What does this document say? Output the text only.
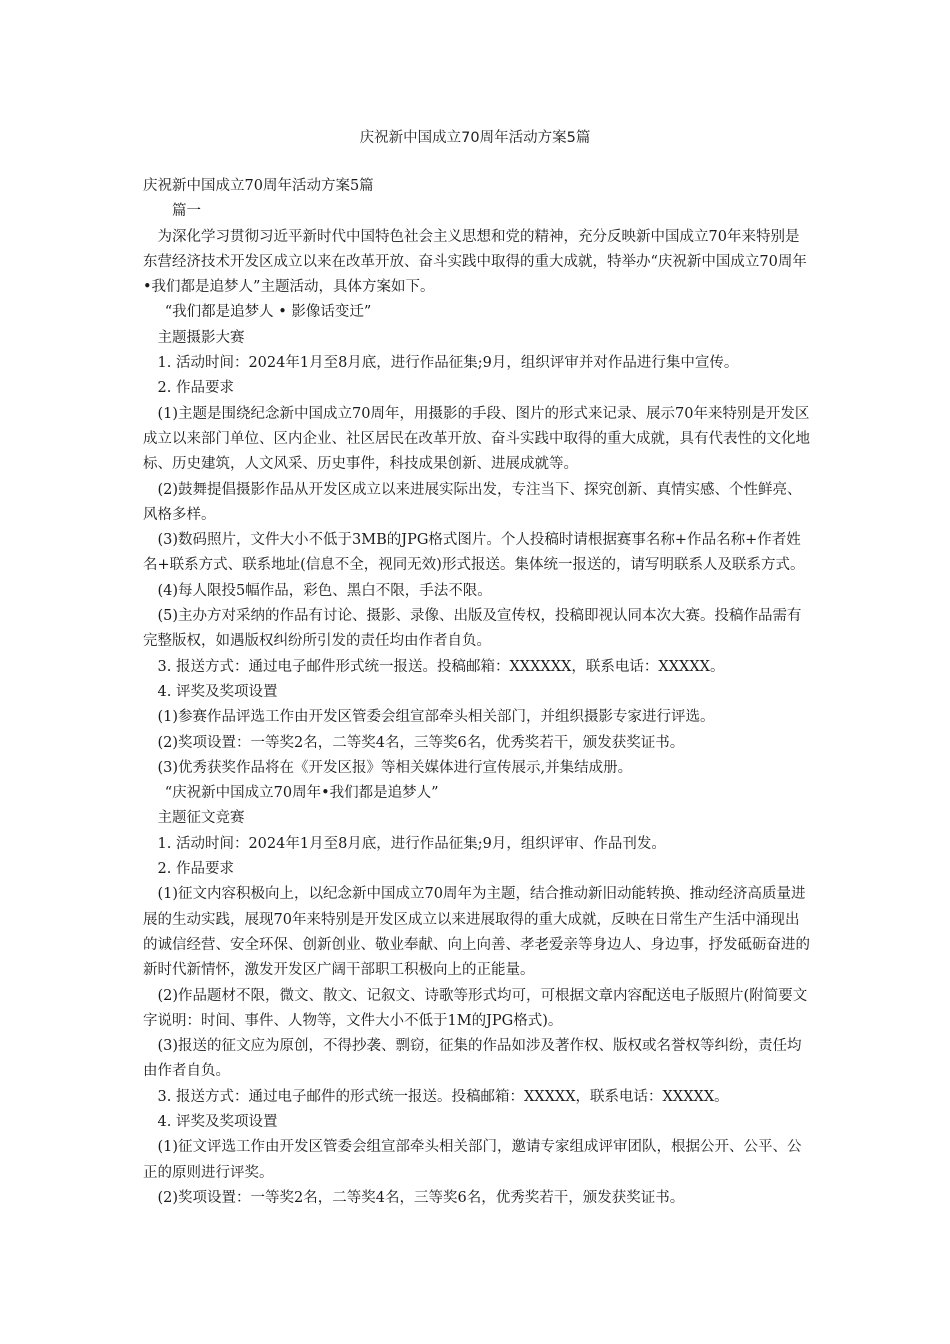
庆祝新中国成立70周年活动方案5篇

庆祝新中国成立70周年活动方案5篇

篇一

为深化学习贯彻习近平新时代中国特色社会主义思想和党的精神，充分反映新中国成立70年来特别是东营经济技术开发区成立以来在改革开放、奋斗实践中取得的重大成就，特举办“庆祝新中国成立70周年•我们都是追梦人”主题活动，具体方案如下。

“我们都是追梦人 • 影像话变迁”

主题摄影大赛

1. 活动时间：2024年1月至8月底，进行作品征集;9月，组织评审并对作品进行集中宣传。

2. 作品要求

(1)主题是围绕纪念新中国成立70周年，用摄影的手段、图片的形式来记录、展示70年来特别是开发区成立以来部门单位、区内企业、社区居民在改革开放、奋斗实践中取得的重大成就，具有代表性的文化地标、历史建筑，人文风采、历史事件，科技成果创新、进展成就等。

(2)鼓舞提倡摄影作品从开发区成立以来进展实际出发，专注当下、探究创新、真情实感、个性鲜亮、风格多样。

(3)数码照片，文件大小不低于3MB的JPG格式图片。个人投稿时请根据赛事名称+作品名称+作者姓名+联系方式、联系地址(信息不全，视同无效)形式报送。集体统一报送的，请写明联系人及联系方式。

(4)每人限投5幅作品，彩色、黑白不限，手法不限。

(5)主办方对采纳的作品有讨论、摄影、录像、出版及宣传权，投稿即视认同本次大赛。投稿作品需有完整版权，如遇版权纠纷所引发的责任均由作者自负。

3. 报送方式：通过电子邮件形式统一报送。投稿邮箱：XXXXXX，联系电话：XXXXX。

4. 评奖及奖项设置

(1)参赛作品评选工作由开发区管委会组宣部牵头相关部门，并组织摄影专家进行评选。

(2)奖项设置：一等奖2名，二等奖4名，三等奖6名，优秀奖若干，颁发获奖证书。

(3)优秀获奖作品将在《开发区报》等相关媒体进行宣传展示,并集结成册。

“庆祝新中国成立70周年•我们都是追梦人”

主题征文竞赛

1. 活动时间：2024年1月至8月底，进行作品征集;9月，组织评审、作品刊发。

2. 作品要求

(1)征文内容积极向上，以纪念新中国成立70周年为主题，结合推动新旧动能转换、推动经济高质量进展的生动实践，展现70年来特别是开发区成立以来进展取得的重大成就，反映在日常生产生活中涌现出的诚信经营、安全环保、创新创业、敬业奉献、向上向善、孝老爱亲等身边人、身边事，抒发砥砺奋进的新时代新情怀，激发开发区广阔干部职工积极向上的正能量。

(2)作品题材不限，微文、散文、记叙文、诗歌等形式均可，可根据文章内容配送电子版照片(附简要文字说明：时间、事件、人物等，文件大小不低于1M的JPG格式)。

(3)报送的征文应为原创，不得抄袭、剽窃，征集的作品如涉及著作权、版权或名誉权等纠纷，责任均由作者自负。

3. 报送方式：通过电子邮件的形式统一报送。投稿邮箱：XXXXX，联系电话：XXXXX。

4. 评奖及奖项设置

(1)征文评选工作由开发区管委会组宣部牵头相关部门，邀请专家组成评审团队，根据公开、公平、公正的原则进行评奖。

(2)奖项设置：一等奖2名，二等奖4名，三等奖6名，优秀奖若干，颁发获奖证书。
